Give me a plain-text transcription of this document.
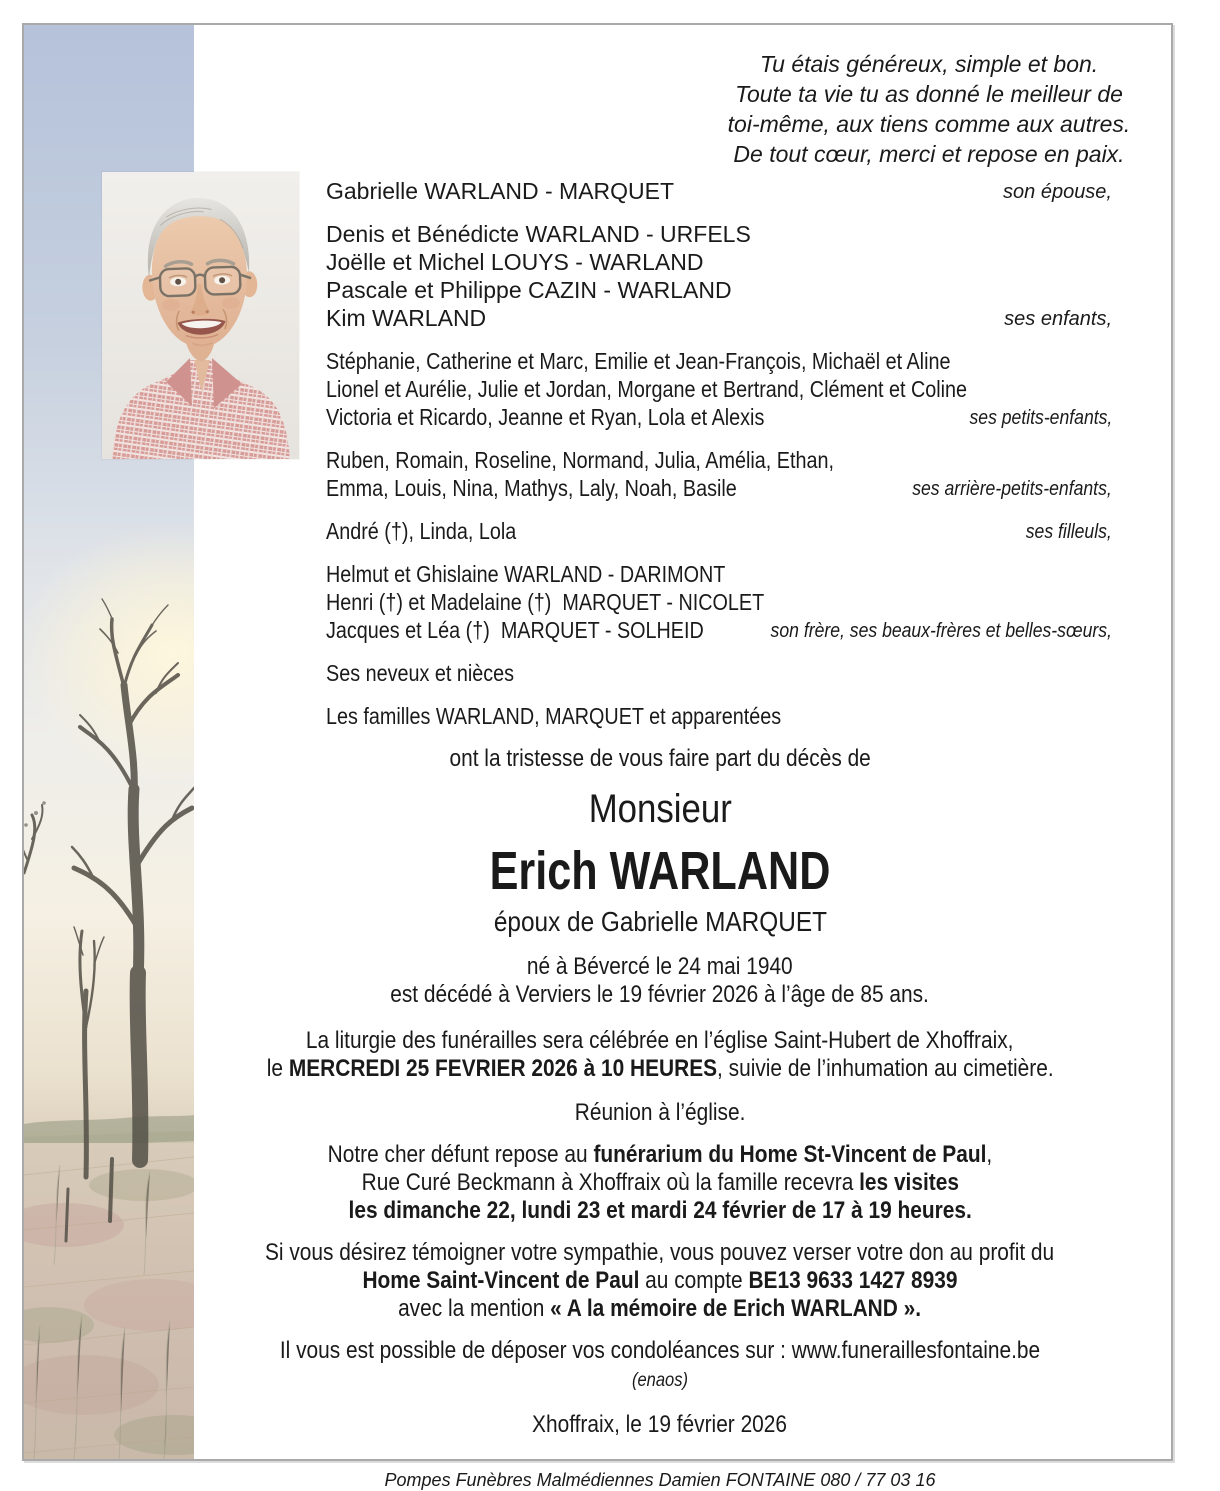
Tu étais généreux, simple et bon.
Toute ta vie tu as donné le meilleur de
toi-même, aux tiens comme aux autres.
De tout cœur, merci et repose en paix.
Gabrielle WARLAND - MARQUET	son épouse,
Denis et Bénédicte WARLAND - URFELS
Joëlle et Michel LOUYS - WARLAND
Pascale et Philippe CAZIN - WARLAND
Kim WARLAND	ses enfants,
Stéphanie, Catherine et Marc, Emilie et Jean-François, Michaël et Aline
Lionel et Aurélie, Julie et Jordan, Morgane et Bertrand, Clément et Coline
Victoria et Ricardo, Jeanne et Ryan, Lola et Alexis	ses petits-enfants,
Ruben, Romain, Roseline, Normand, Julia, Amélia, Ethan,
Emma, Louis, Nina, Mathys, Laly, Noah, Basile	ses arrière-petits-enfants,
André (†), Linda, Lola	ses filleuls,
Helmut et Ghislaine WARLAND - DARIMONT
Henri (†) et Madelaine (†)  MARQUET - NICOLET
Jacques et Léa (†)  MARQUET - SOLHEID	son frère, ses beaux-frères et belles-sœurs,
Ses neveux et nièces
Les familles WARLAND, MARQUET et apparentées
ont la tristesse de vous faire part du décès de
Monsieur
Erich WARLAND
époux de Gabrielle MARQUET
né à Bévercé le 24 mai 1940
est décédé à Verviers le 19 février 2026 à l’âge de 85 ans.
La liturgie des funérailles sera célébrée en l’église Saint-Hubert de Xhoffraix,
le MERCREDI 25 FEVRIER 2026 à 10 HEURES, suivie de l’inhumation au cimetière.
Réunion à l’église.
Notre cher défunt repose au funérarium du Home St-Vincent de Paul,
Rue Curé Beckmann à Xhoffraix où la famille recevra les visites
les dimanche 22, lundi 23 et mardi 24 février de 17 à 19 heures.
Si vous désirez témoigner votre sympathie, vous pouvez verser votre don au profit du
Home Saint-Vincent de Paul au compte BE13 9633 1427 8939
avec la mention « A la mémoire de Erich WARLAND ».
Il vous est possible de déposer vos condoléances sur : www.funeraillesfontaine.be (enaos)
Xhoffraix, le 19 février 2026
Pompes Funèbres Malmédiennes Damien FONTAINE 080 / 77 03 16
